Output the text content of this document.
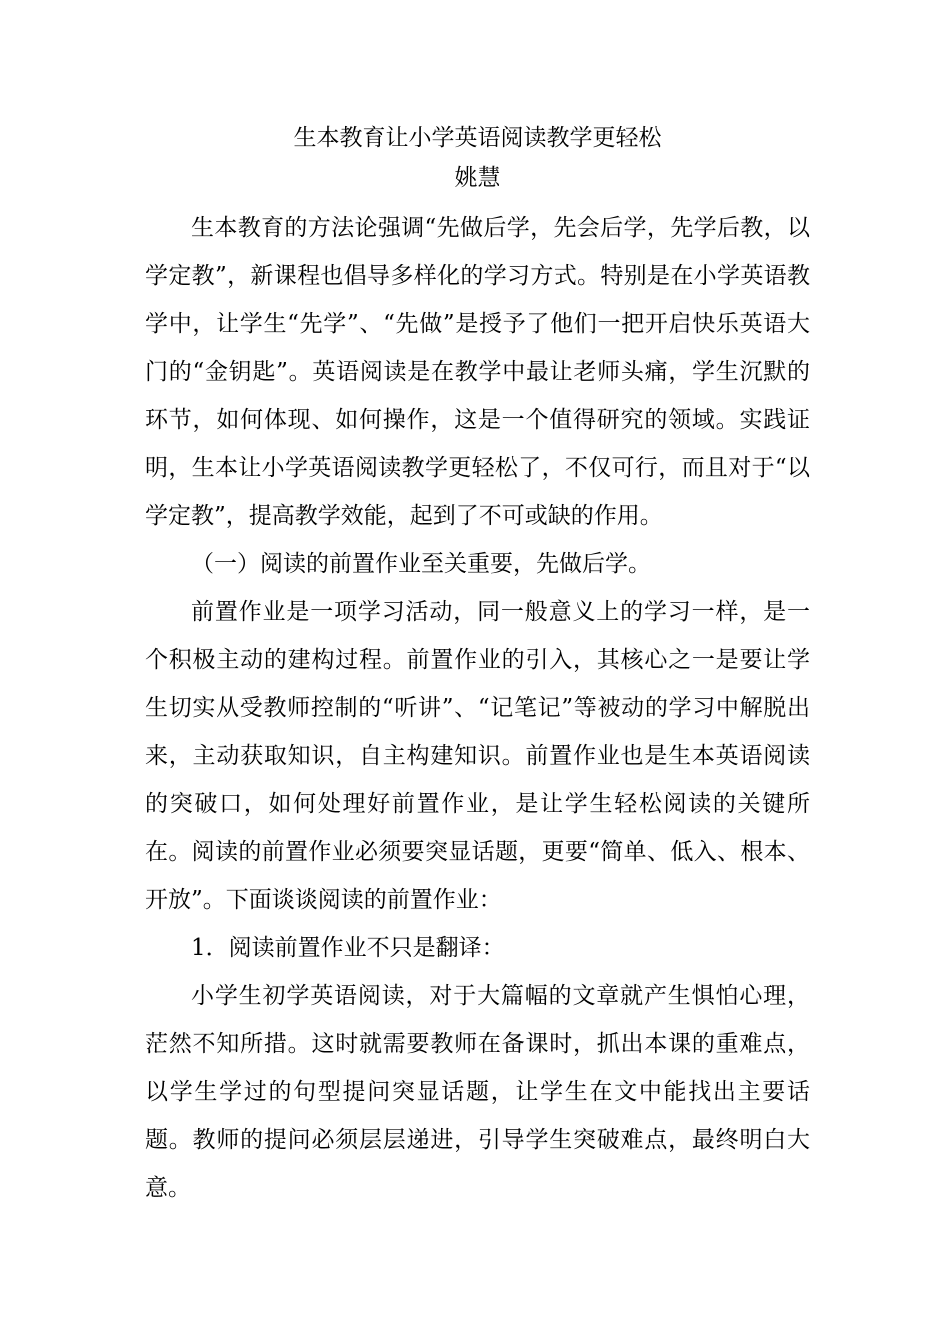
生本教育让小学英语阅读教学更轻松
姚慧

生本教育的方法论强调“先做后学，先会后学，先学后教，以学定教”，新课程也倡导多样化的学习方式。特别是在小学英语教学中，让学生“先学”、“先做”是授予了他们一把开启快乐英语大门的“金钥匙”。英语阅读是在教学中最让老师头痛，学生沉默的环节，如何体现、如何操作，这是一个值得研究的领域。实践证明，生本让小学英语阅读教学更轻松了，不仅可行，而且对于“以学定教”，提高教学效能，起到了不可或缺的作用。

（一）阅读的前置作业至关重要，先做后学。

前置作业是一项学习活动，同一般意义上的学习一样，是一个积极主动的建构过程。前置作业的引入，其核心之一是要让学生切实从受教师控制的“听讲”、“记笔记”等被动的学习中解脱出来，主动获取知识，自主构建知识。前置作业也是生本英语阅读的突破口，如何处理好前置作业，是让学生轻松阅读的关键所在。阅读的前置作业必须要突显话题，更要“简单、低入、根本、开放”。下面谈谈阅读的前置作业：

1．阅读前置作业不只是翻译：

小学生初学英语阅读，对于大篇幅的文章就产生惧怕心理，茫然不知所措。这时就需要教师在备课时，抓出本课的重难点，以学生学过的句型提问突显话题，让学生在文中能找出主要话题。教师的提问必须层层递进，引导学生突破难点，最终明白大意。
